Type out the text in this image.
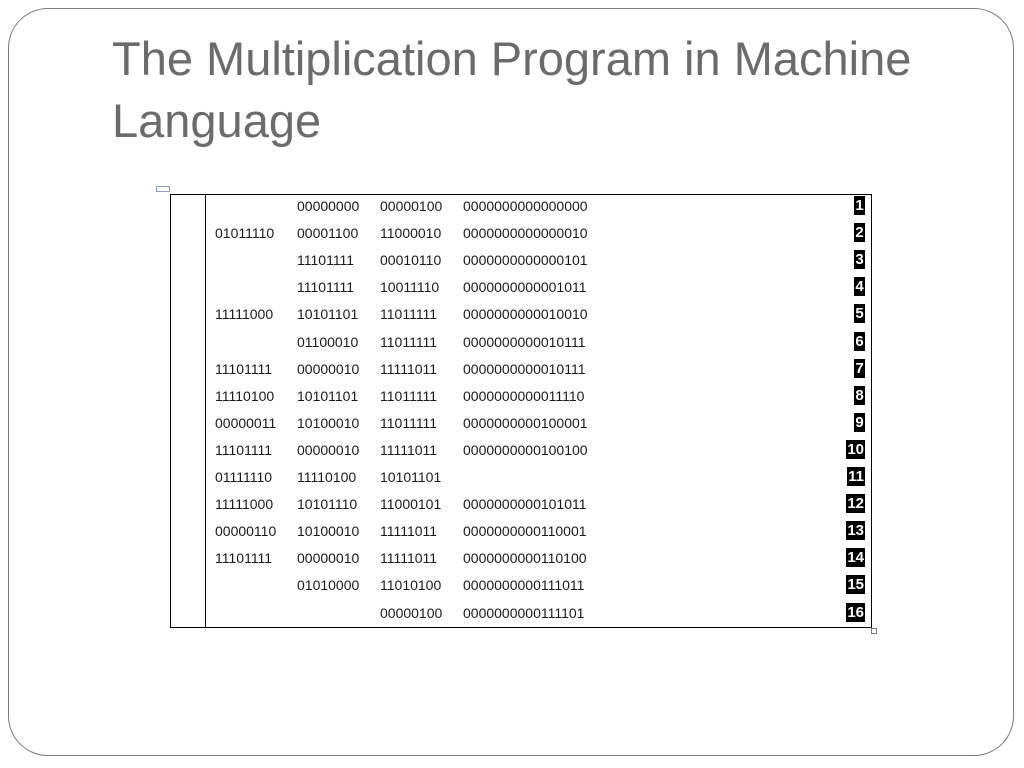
The Multiplication Program in Machine Language
1
00000000 00000100 0000000000000000
2
01011110 00001100 11000010 0000000000000010
3
11101111 00010110 0000000000000101
4
11101111 10011110 0000000000001011
5
11111000 10101101 11011111 0000000000010010
6
01100010 11011111 0000000000010111
7
11101111 00000010 11111011 0000000000010111
8
11110100 10101101 11011111 0000000000011110
9
00000011 10100010 11011111 0000000000100001
10
11101111 00000010 11111011 0000000000100100
11
01111110 11110100 10101101
12
11111000 10101110 11000101 0000000000101011
13
00000110 10100010 11111011 0000000000110001
14
11101111 00000010 11111011 0000000000110100
15
01010000 11010100 0000000000111011
16
00000100 0000000000111101
